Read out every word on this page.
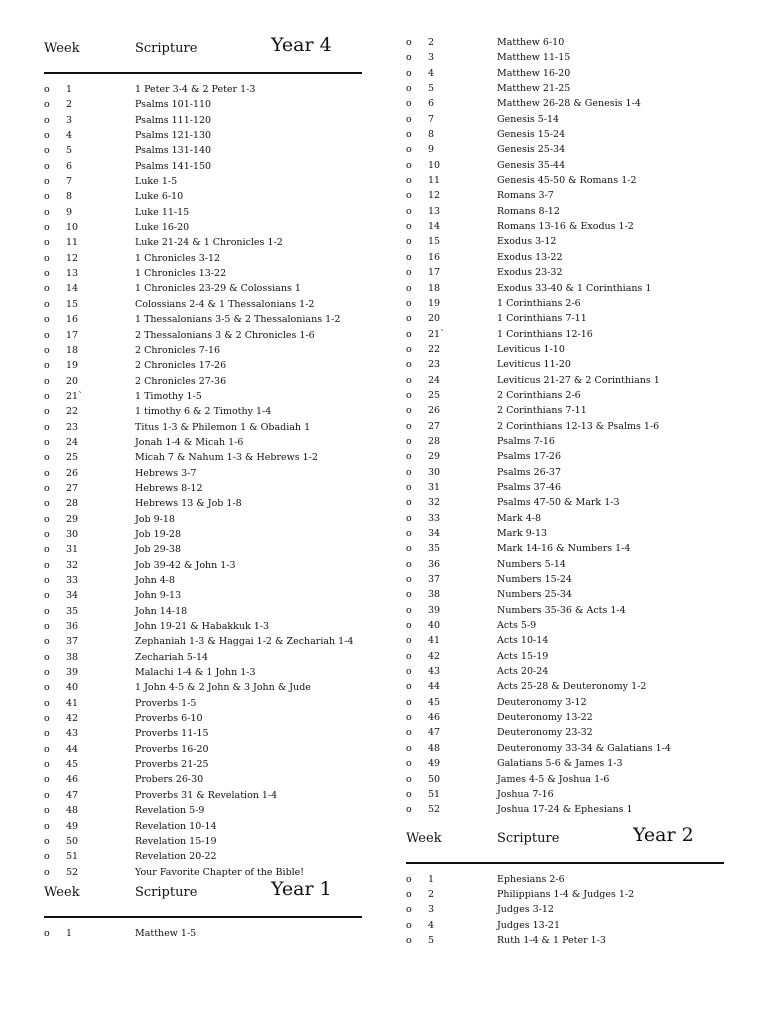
Week	Scripture	Year 4
o 1	1 Peter 3-4 & 2 Peter 1-3
o 2	Psalms 101-110
o 3	Psalms 111-120
o 4	Psalms 121-130
o 5	Psalms 131-140
o 6	Psalms 141-150
o 7	Luke 1-5
o 8	Luke 6-10
o 9	Luke 11-15
o 10	Luke 16-20
o 11	Luke 21-24 & 1 Chronicles 1-2
o 12	1 Chronicles 3-12
o 13	1 Chronicles 13-22
o 14	1 Chronicles 23-29 & Colossians 1
o 15	Colossians 2-4 & 1 Thessalonians 1-2
o 16	1 Thessalonians 3-5 & 2 Thessalonians 1-2
o 17	2 Thessalonians 3 & 2 Chronicles 1-6
o 18	2 Chronicles 7-16
o 19	2 Chronicles 17-26
o 20	2 Chronicles 27-36
o 21`	1 Timothy 1-5
o 22	1 timothy 6 & 2 Timothy 1-4
o 23	Titus 1-3 & Philemon 1 & Obadiah 1
o 24	Jonah 1-4 & Micah 1-6
o 25	Micah 7 & Nahum 1-3 & Hebrews 1-2
o 26	Hebrews 3-7
o 27	Hebrews 8-12
o 28	Hebrews 13 & Job 1-8
o 29	Job 9-18
o 30	Job 19-28
o 31	Job 29-38
o 32	Job 39-42 & John 1-3
o 33	John 4-8
o 34	John 9-13
o 35	John 14-18
o 36	John 19-21 & Habakkuk 1-3
o 37	Zephaniah 1-3 & Haggai 1-2 & Zechariah 1-4
o 38	Zechariah 5-14
o 39	Malachi 1-4 & 1 John 1-3
o 40	1 John 4-5 & 2 John & 3 John & Jude
o 41	Proverbs 1-5
o 42	Proverbs 6-10
o 43	Proverbs 11-15
o 44	Proverbs 16-20
o 45	Proverbs 21-25
o 46	Probers 26-30
o 47	Proverbs 31 & Revelation 1-4
o 48	Revelation 5-9
o 49	Revelation 10-14
o 50	Revelation 15-19
o 51	Revelation 20-22
o 52	Your Favorite Chapter of the Bible!
Week	Scripture	Year 1
o 1	Matthew 1-5
o 2	Matthew 6-10
o 3	Matthew 11-15
o 4	Matthew 16-20
o 5	Matthew 21-25
o 6	Matthew 26-28 & Genesis 1-4
o 7	Genesis 5-14
o 8	Genesis 15-24
o 9	Genesis 25-34
o 10	Genesis 35-44
o 11	Genesis 45-50 & Romans 1-2
o 12	Romans 3-7
o 13	Romans 8-12
o 14	Romans 13-16 & Exodus 1-2
o 15	Exodus 3-12
o 16	Exodus 13-22
o 17	Exodus 23-32
o 18	Exodus 33-40 & 1 Corinthians 1
o 19	1 Corinthians 2-6
o 20	1 Corinthians 7-11
o 21`	1 Corinthians 12-16
o 22	Leviticus 1-10
o 23	Leviticus 11-20
o 24	Leviticus 21-27 & 2 Corinthians 1
o 25	2 Corinthians 2-6
o 26	2 Corinthians 7-11
o 27	2 Corinthians 12-13 & Psalms 1-6
o 28	Psalms 7-16
o 29	Psalms 17-26
o 30	Psalms 26-37
o 31	Psalms 37-46
o 32	Psalms 47-50 & Mark 1-3
o 33	Mark 4-8
o 34	Mark 9-13
o 35	Mark 14-16 & Numbers 1-4
o 36	Numbers 5-14
o 37	Numbers 15-24
o 38	Numbers 25-34
o 39	Numbers 35-36 & Acts 1-4
o 40	Acts 5-9
o 41	Acts 10-14
o 42	Acts 15-19
o 43	Acts 20-24
o 44	Acts 25-28 & Deuteronomy 1-2
o 45	Deuteronomy 3-12
o 46	Deuteronomy 13-22
o 47	Deuteronomy 23-32
o 48	Deuteronomy 33-34 & Galatians 1-4
o 49	Galatians 5-6 & James 1-3
o 50	James 4-5 & Joshua 1-6
o 51	Joshua 7-16
o 52	Joshua 17-24 & Ephesians 1
Week	Scripture	Year 2
o 1	Ephesians 2-6
o 2	Philippians 1-4 & Judges 1-2
o 3	Judges 3-12
o 4	Judges 13-21
o 5	Ruth 1-4 & 1 Peter 1-3
